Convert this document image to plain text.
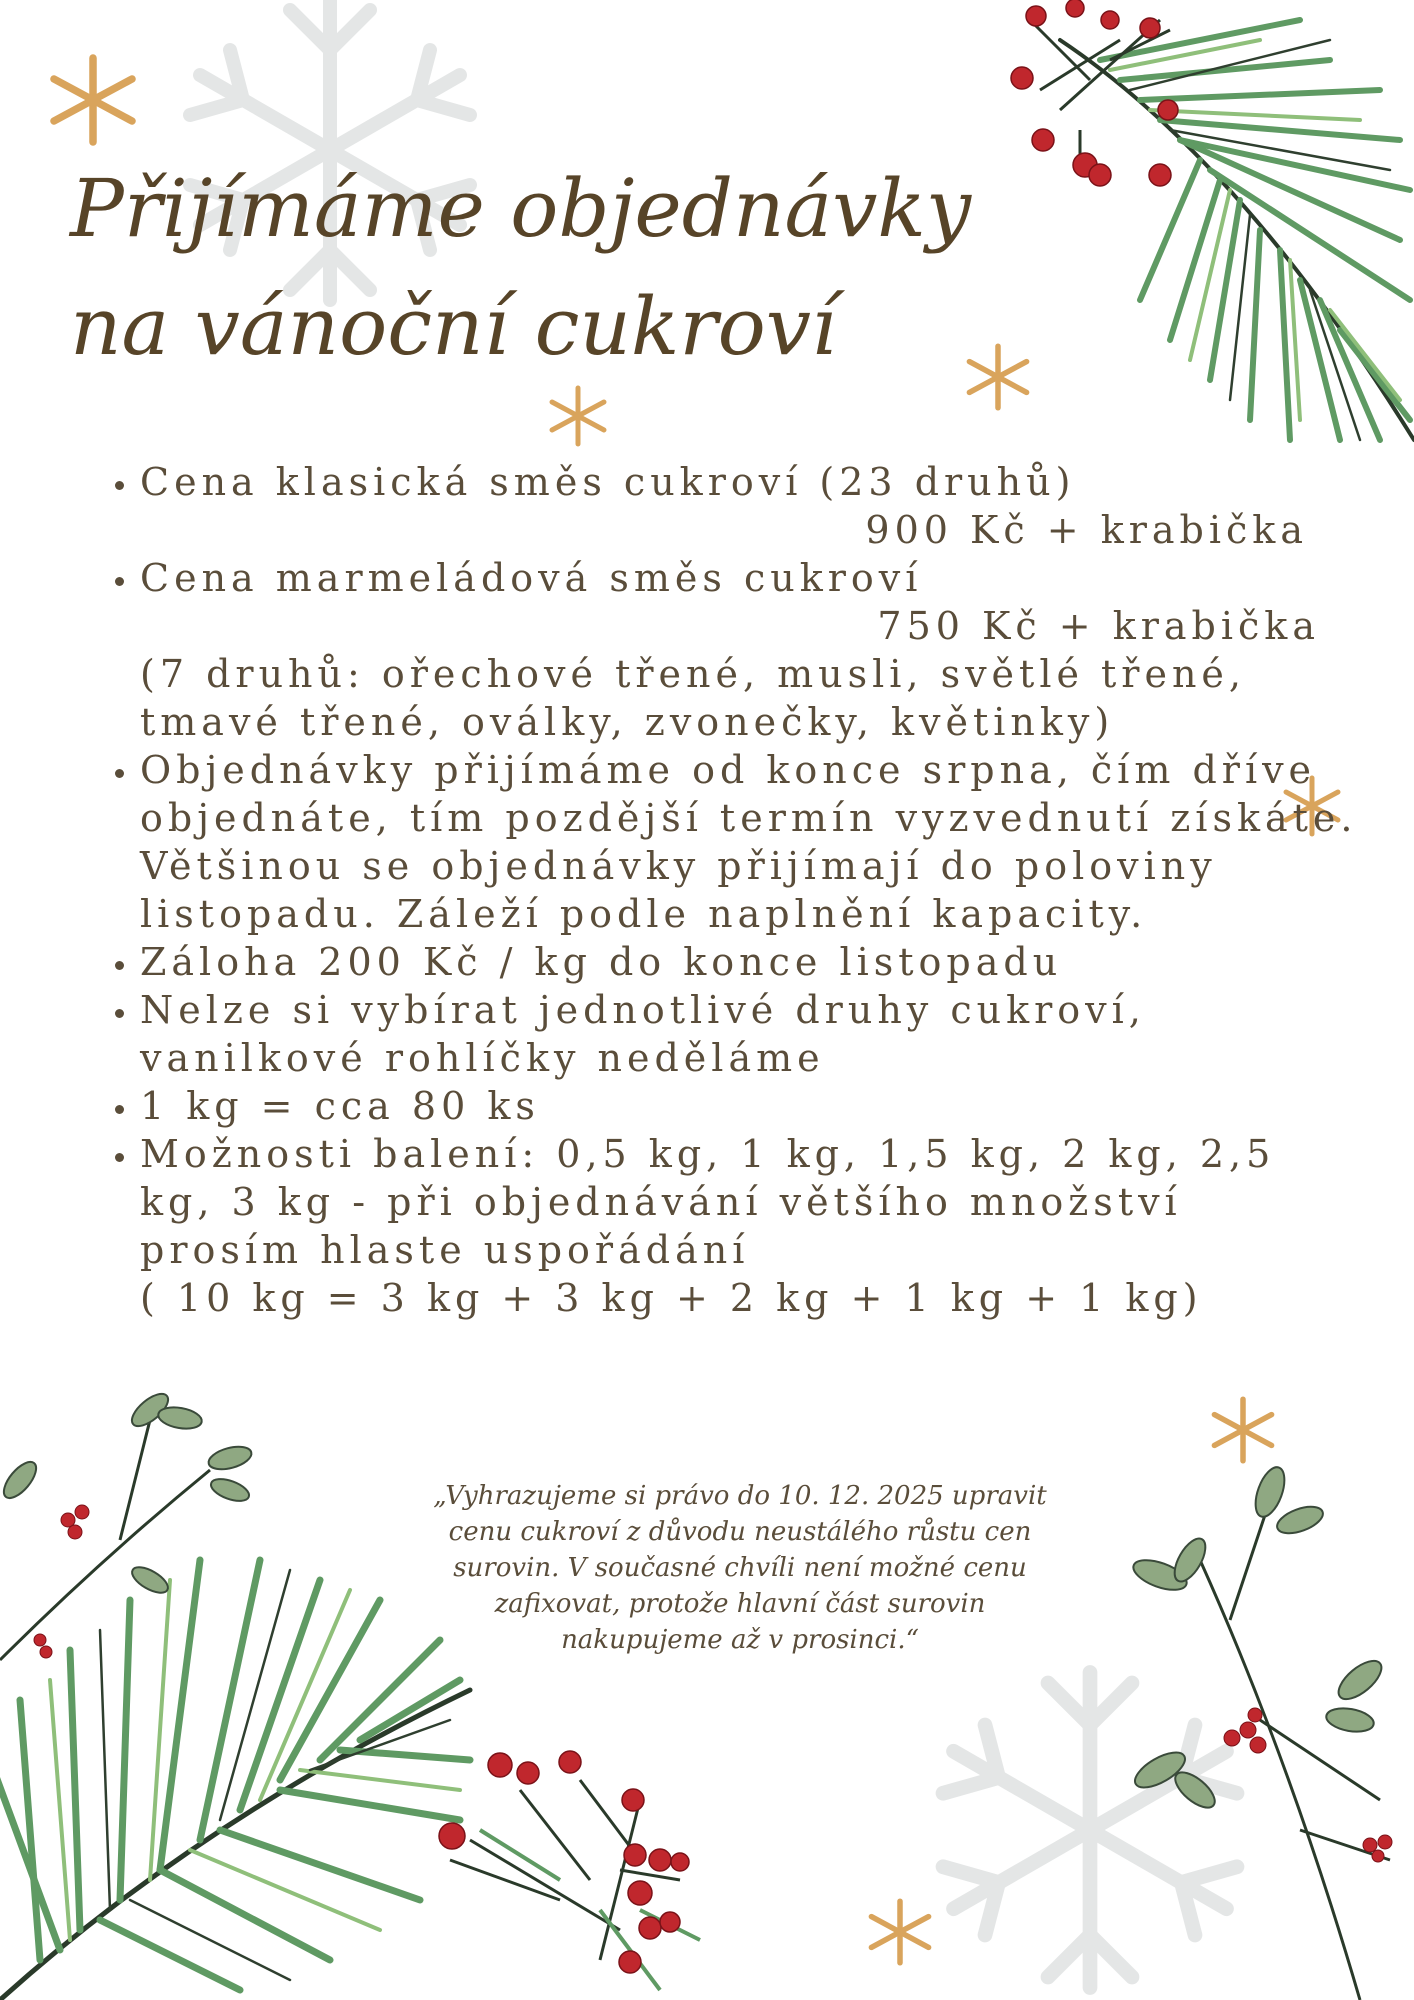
Přijímáme objednávky
na vánoční cukroví
• Cena klasická směs cukroví (23 druhů)
900 Kč + krabička
• Cena marmeládová směs cukroví
750 Kč + krabička
(7 druhů: ořechové třené, musli, světlé třené, tmavé třené, oválky, zvonečky, květinky)
• Objednávky přijímáme od konce srpna, čím dříve objednáte, tím pozdější termín vyzvednutí získáte. Většinou se objednávky přijímají do poloviny listopadu. Záleží podle naplnění kapacity.
• Záloha 200 Kč / kg do konce listopadu
• Nelze si vybírat jednotlivé druhy cukroví, vanilkové rohlíčky neděláme
• 1 kg = cca 80 ks
• Možnosti balení: 0,5 kg, 1 kg, 1,5 kg, 2 kg, 2,5 kg, 3 kg - při objednávání většího množství prosím hlaste uspořádání
( 10 kg = 3 kg + 3 kg + 2 kg + 1 kg + 1 kg)
„Vyhrazujeme si právo do 10. 12. 2025 upravit cenu cukroví z důvodu neustálého růstu cen surovin. V současné chvíli není možné cenu zafixovat, protože hlavní část surovin nakupujeme až v prosinci.“
